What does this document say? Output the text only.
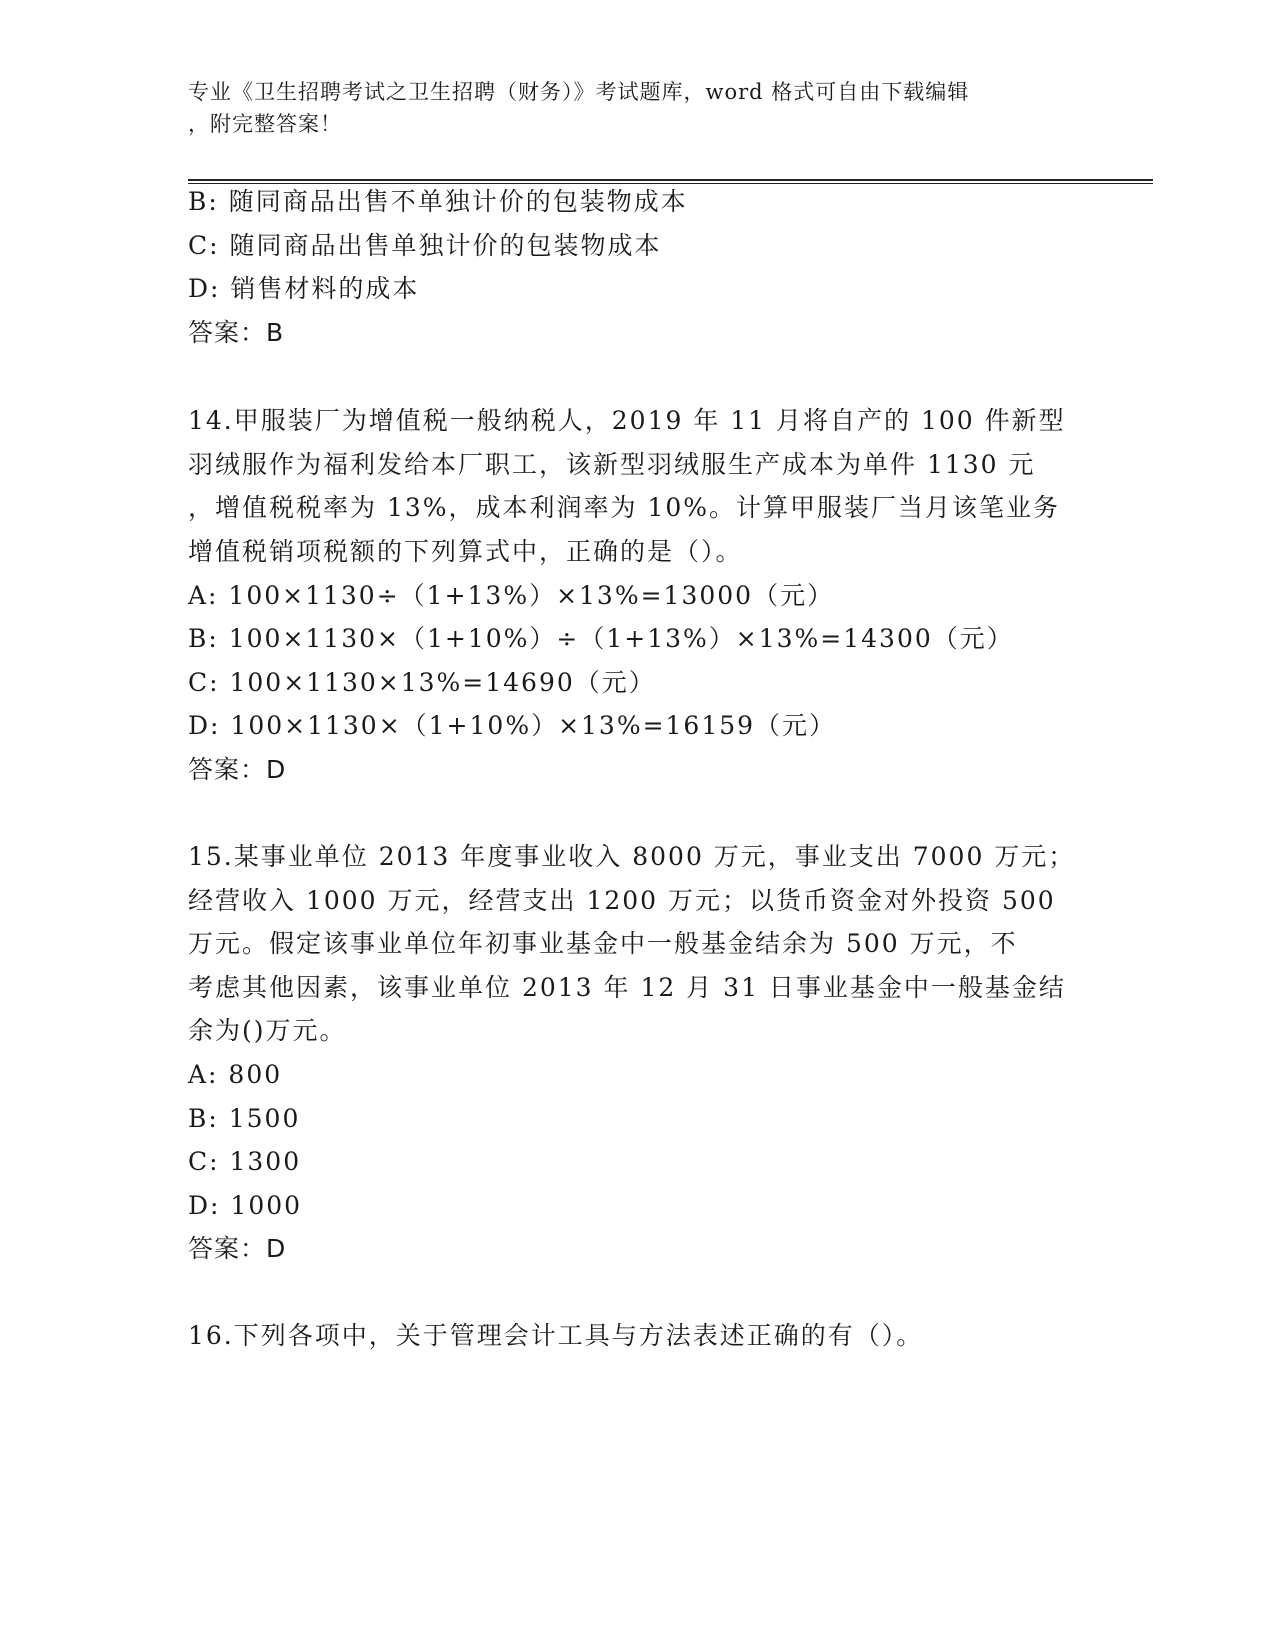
专业《卫生招聘考试之卫生招聘（财务）》考试题库，word 格式可自由下载编辑
，附完整答案！
B: 随同商品出售不单独计价的包装物成本
C: 随同商品出售单独计价的包装物成本
D: 销售材料的成本
答案：B
14.甲服装厂为增值税一般纳税人，2019 年 11 月将自产的 100 件新型
羽绒服作为福利发给本厂职工，该新型羽绒服生产成本为单件 1130 元
，增值税税率为 13%，成本利润率为 10%。计算甲服装厂当月该笔业务
增值税销项税额的下列算式中，正确的是（）。
A: 100×1130÷（1+13%）×13%=13000（元）
B: 100×1130×（1+10%）÷（1+13%）×13%=14300（元）
C: 100×1130×13%=14690（元）
D: 100×1130×（1+10%）×13%=16159（元）
答案：D
15.某事业单位 2013 年度事业收入 8000 万元，事业支出 7000 万元；
经营收入 1000 万元，经营支出 1200 万元；以货币资金对外投资 500
万元。假定该事业单位年初事业基金中一般基金结余为 500 万元，不
考虑其他因素，该事业单位 2013 年 12 月 31 日事业基金中一般基金结
余为()万元。
A: 800
B: 1500
C: 1300
D: 1000
答案：D
16.下列各项中，关于管理会计工具与方法表述正确的有（）。
